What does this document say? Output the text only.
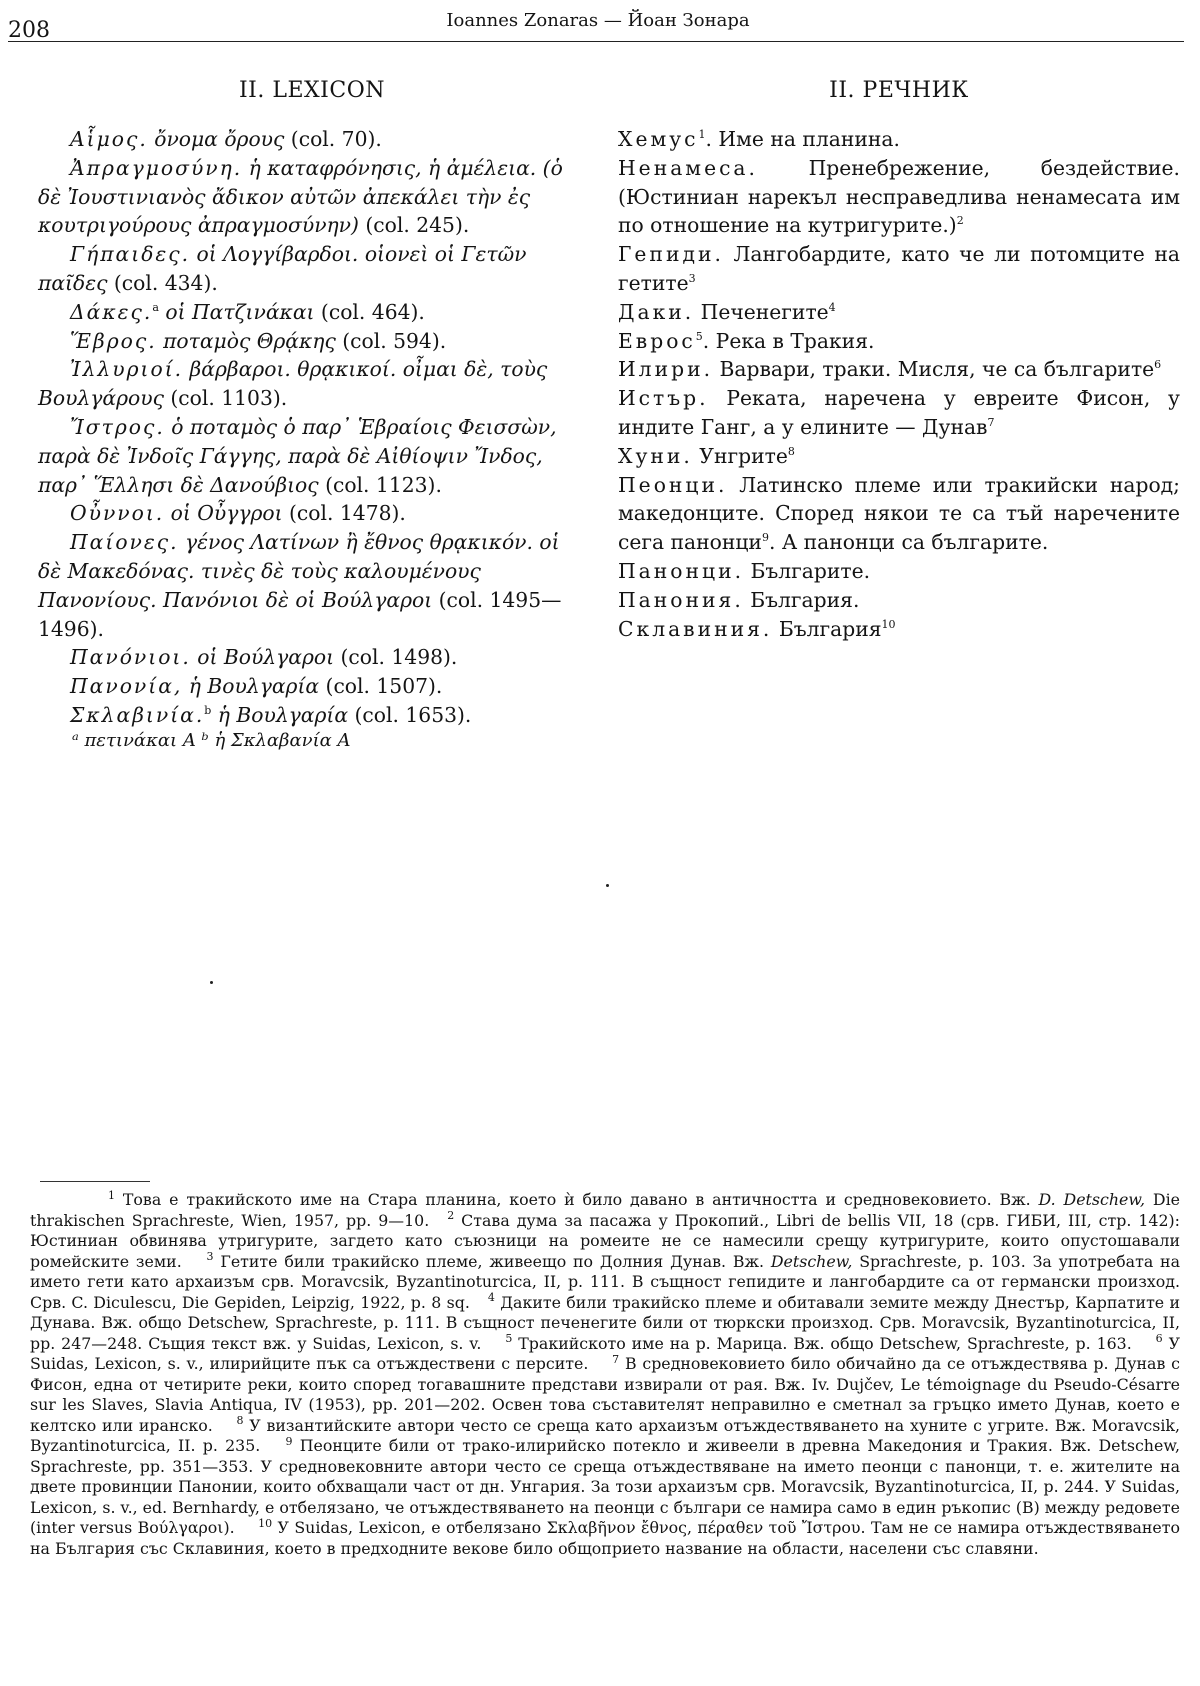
208	Ioannes Zonaras — Йоан Зонара
II. LEXICON
Αἷμος. ὄνομα ὄρους (col. 70).
Ἀπραγμοσύνη. ἡ καταφρόνησις, ἡ ἀμέλεια. (ὁ δὲ Ἰουστινιανὸς ἄδικον αὐτῶν ἀπεκάλει τὴν ἐς κουτριγούρους ἀπραγμοσύνην) (col. 245).
Γήπαιδες. οἱ Λογγίβαρδοι. οἱονεὶ οἱ Γετῶν παῖδες (col. 434).
Δάκες.$^a$ οἱ Πατζινάκαι (col. 464).
Ἕβρος. ποταμὸς Θρᾴκης (col. 594).
Ἰλλυριοί. βάρβαροι. θρᾳκικοί. οἶμαι δὲ, τοὺς Βουλγάρους (col. 1103).
Ἴστρος. ὁ ποταμὸς ὁ παρ᾽ Ἑβραίοις Φεισσὼν, παρὰ δὲ Ἰνδοῖς Γάγγης, παρὰ δὲ Αἰθίοψιν Ἴνδος, παρ᾽ Ἕλλησι δὲ Δανούβιος (col. 1123).
Οὖννοι. οἱ Οὖγγροι (col. 1478).
Παίονες. γένος Λατίνων ἢ ἔθνος θρᾳκικόν. οἱ δὲ Μακεδόνας. τινὲς δὲ τοὺς καλουμένους Πανονίους. Πανόνιοι δὲ οἱ Βούλγαροι (col. 1495—1496).
Πανόνιοι. οἱ Βούλγαροι (col. 1498).
Πανονία, ἡ Βουλγαρία (col. 1507).
Σκλαβινία.$^b$ ἡ Βουλγαρία (col. 1653).
ᵃ πετινάκαι A ᵇ ἡ Σκλαβανία A
II. РЕЧНИК
Хемус$^1$. Име на планина.
Ненамеса. Пренебрежение, бездействие. (Юстиниан нарекъл несправедлива ненамесата им по отношение на кутригурите.)$^2$
Гепиди. Лангобардите, като че ли потомците на гетите$^3$
Даки. Печенегите$^4$
Еврос$^5$. Река в Тракия.
Илири. Варвари, траки. Мисля, че са българите$^6$
Истър. Реката, наречена у евреите Фисон, у индите Ганг, а у елините — Дунав$^7$
Хуни. Унгрите$^8$
Пеонци. Латинско племе или тракийски народ; македонците. Според някои те са тъй наречените сега панонци$^9$. А панонци са българите.
Панонци. Българите.
Панония. България.
Склавиния. България$^{10}$
$^1$ Това е тракийското име на Стара планина, което ѝ било давано в античността и средновековието. Вж. D. Detschew, Die thrakischen Sprachreste, Wien, 1957, pp. 9—10. $^2$ Става дума за пасажа у Прокопий., Libri de bellis VII, 18 (срв. ГИБИ, III, стр. 142): Юстиниан обвинява утригурите, загдето като съюзници на ромеите не се намесили срещу кутригурите, които опустошавали ромейските земи. $^3$ Гетите били тракийско племе, живеещо по Долния Дунав. Вж. Detschew, Sprachreste, p. 103. За употребата на името гети като архаизъм срв. Moravcsik, Byzantinoturcica, II, p. 111. В същност гепидите и лангобардите са от германски произход. Срв. C. Diculescu, Die Gepiden, Leipzig, 1922, p. 8 sq. $^4$ Даките били тракийско племе и обитавали земите между Днестър, Карпатите и Дунава. Вж. общо Detschew, Sprachreste, p. 111. В същност печенегите били от тюркски произход. Срв. Moravcsik, Byzantinoturcica, II, pp. 247—248. Същия текст вж. у Suidas, Lexicon, s. v. $^5$ Тракийското име на р. Марица. Вж. общо Detschew, Sprachreste, p. 163. $^6$ У Suidas, Lexicon, s. v., илирийците пък са отъждествени с персите. $^7$ В средновековието било обичайно да се отъждествява р. Дунав с Фисон, една от четирите реки, които според тогавашните представи извирали от рая. Вж. Iv. Dujčev, Le témoignage du Pseudo-Césarre sur les Slaves, Slavia Antiqua, IV (1953), pp. 201—202. Освен това съставителят неправилно е сметнал за гръцко името Дунав, което е келтско или иранско. $^8$ У византийските автори често се среща като архаизъм отъждествяването на хуните с угрите. Вж. Moravcsik, Byzantinoturcica, II. p. 235. $^9$ Пеонците били от тракo-илирийско потекло и живеели в древна Македония и Тракия. Вж. Detschew, Sprachreste, pp. 351—353. У средновековните автори често се среща отъждествяване на името пеонци с панонци, т. е. жителите на двете провинции Панонии, които обхващали част от дн. Унгария. За този архаизъм срв. Moravcsik, Byzantinoturcica, II, p. 244. У Suidas, Lexicon, s. v., ed. Bernhardy, е отбелязано, че отъждествяването на пеонци с българи се намира само в един ръкопис (B) между редовете (inter versus Βούλγαροι). $^{10}$ У Suidas, Lexicon, е отбелязано Σκλαβῆνον ἔθνος, πέραθεν τοῦ Ἴστρου. Там не се намира отъждествяването на България със Склавиния, което в предходните векове било общоприето название на области, населени със славяни.
